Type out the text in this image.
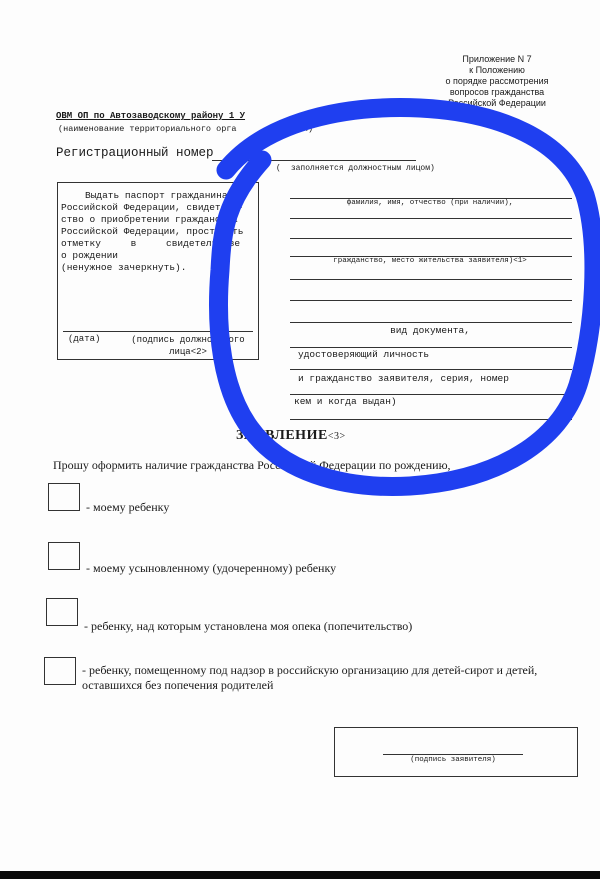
Приложение N 7
к Положению
о порядке рассмотрения
вопросов гражданства
Российской Федерации
ОВМ ОП по Автозаводскому району 1 У
(наименование территориального орга	оссии)
Регистрационный номер
( заполняется должностным лицом)

Выдать паспорт гражданина

Российской Федерации, свидетель-

ство о приобретении гражданства

Российской Федерации, проставить

отметку в свидетельстве

о рождении

(ненужное зачеркнуть).

(дата)	(подпись должностного лица<2>
фамилия, имя, отчество (при наличии),
гражданство, место жительства заявителя)<1>
вид документа,
удостоверяющий личность
и гражданство заявителя, серия, номер
кем и когда выдан)
ЗАЯВЛЕНИЕ<3>
Прошу оформить наличие гражданства Российской Федерации по рождению,
- моему ребенку
- моему усыновленному (удочеренному) ребенку
- ребенку, над которым установлена моя опека (попечительство)
- ребенку, помещенному под надзор в российскую организацию для детей-сирот и детей, оставшихся без попечения родителей
(подпись заявителя)
